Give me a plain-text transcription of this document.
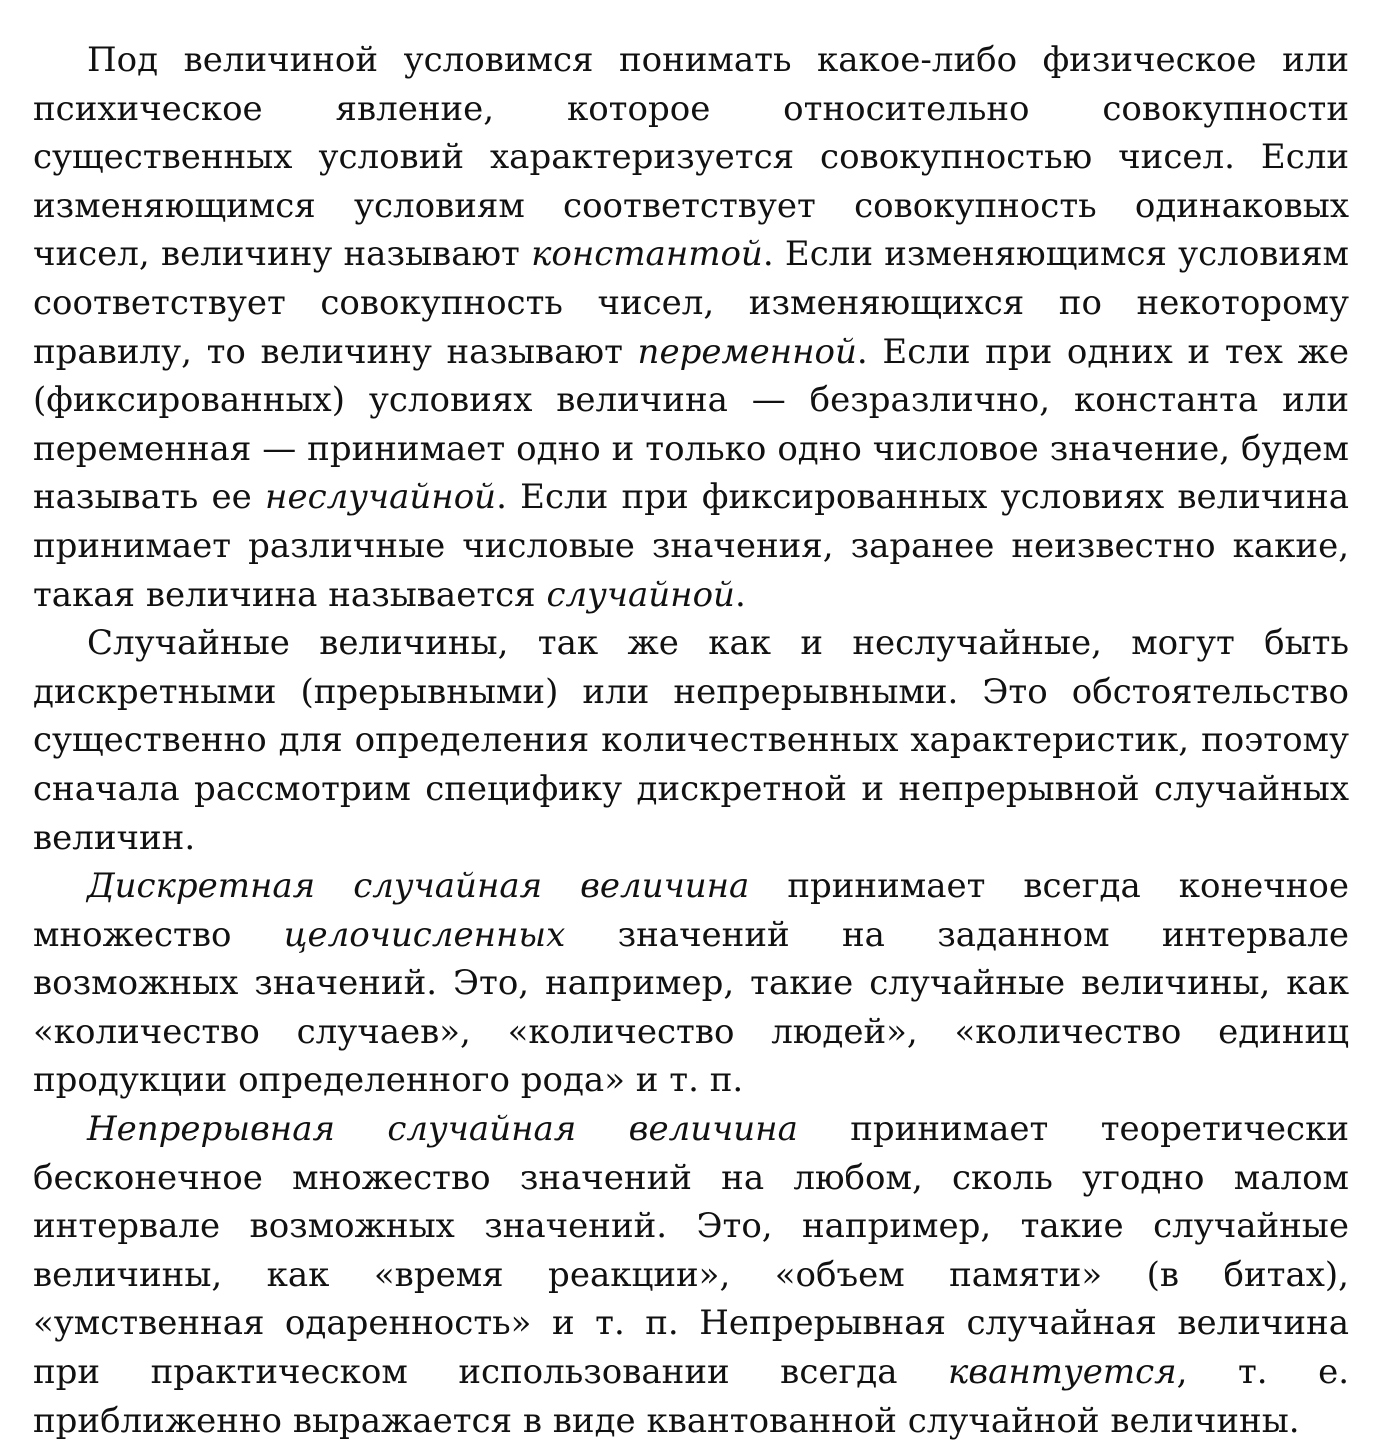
Под величиной условимся понимать какое-либо физическое или психическое явление, которое относительно совокупности существенных условий характеризуется совокупностью чисел. Если изменяющимся условиям соответствует совокупность одинаковых чисел, величину называют константой. Если изменяющимся условиям соответствует совокупность чисел, изменяющихся по некоторому правилу, то величину называют переменной. Если при одних и тех же (фиксированных) условиях величина — безразлично, константа или переменная — принимает одно и только одно числовое значение, будем называть ее неслучайной. Если при фиксированных условиях величина принимает различные числовые значения, заранее неизвестно какие, такая величина называется случайной.

Случайные величины, так же как и неслучайные, могут быть дискретными (прерывными) или непрерывными. Это обстоятельство существенно для определения количественных характеристик, поэтому сначала рассмотрим специфику дискретной и непрерывной случайных величин.

Дискретная случайная величина принимает всегда конечное множество целочисленных значений на заданном интервале возможных значений. Это, например, такие случайные величины, как «количество случаев», «количество людей», «количество единиц продукции определенного рода» и т. п.

Непрерывная случайная величина принимает теоретически бесконечное множество значений на любом, сколь угодно малом интервале возможных значений. Это, например, такие случайные величины, как «время реакции», «объем памяти» (в битах), «умственная одаренность» и т. п. Непрерывная случайная величина при практическом использовании всегда квантуется, т. е. приближенно выражается в виде квантованной случайной величины.
